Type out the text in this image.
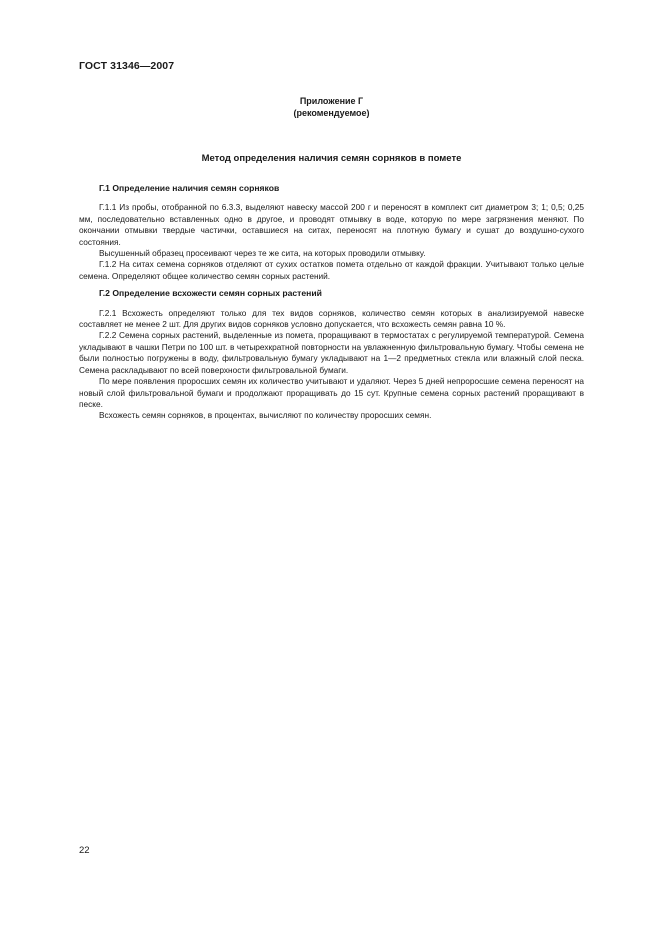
ГОСТ 31346—2007
Приложение Г
(рекомендуемое)
Метод определения наличия семян сорняков в помете
Г.1 Определение наличия семян сорняков

Г.1.1 Из пробы, отобранной по 6.3.3, выделяют навеску массой 200 г и переносят в комплект сит диаметром 3; 1; 0,5; 0,25 мм, последовательно вставленных одно в другое, и проводят отмывку в воде, которую по мере загрязнения меняют. По окончании отмывки твердые частички, оставшиеся на ситах, переносят на плотную бумагу и сушат до воздушно-сухого состояния.

Высушенный образец просеивают через те же сита, на которых проводили отмывку.

Г.1.2 На ситах семена сорняков отделяют от сухих остатков помета отдельно от каждой фракции. Учитывают только целые семена. Определяют общее количество семян сорных растений.

Г.2 Определение всхожести семян сорных растений

Г.2.1 Всхожесть определяют только для тех видов сорняков, количество семян которых в анализируемой навеске составляет не менее 2 шт. Для других видов сорняков условно допускается, что всхожесть семян равна 10 %.

Г.2.2 Семена сорных растений, выделенные из помета, проращивают в термостатах с регулируемой температурой. Семена укладывают в чашки Петри по 100 шт. в четырехкратной повторности на увлажненную фильтровальную бумагу. Чтобы семена не были полностью погружены в воду, фильтровальную бумагу укладывают на 1—2 предметных стекла или влажный слой песка. Семена раскладывают по всей поверхности фильтровальной бумаги.

По мере появления проросших семян их количество учитывают и удаляют. Через 5 дней непроросшие семена переносят на новый слой фильтровальной бумаги и продолжают проращивать до 15 сут. Крупные семена сорных растений проращивают в песке.

Всхожесть семян сорняков, в процентах, вычисляют по количеству проросших семян.

22
